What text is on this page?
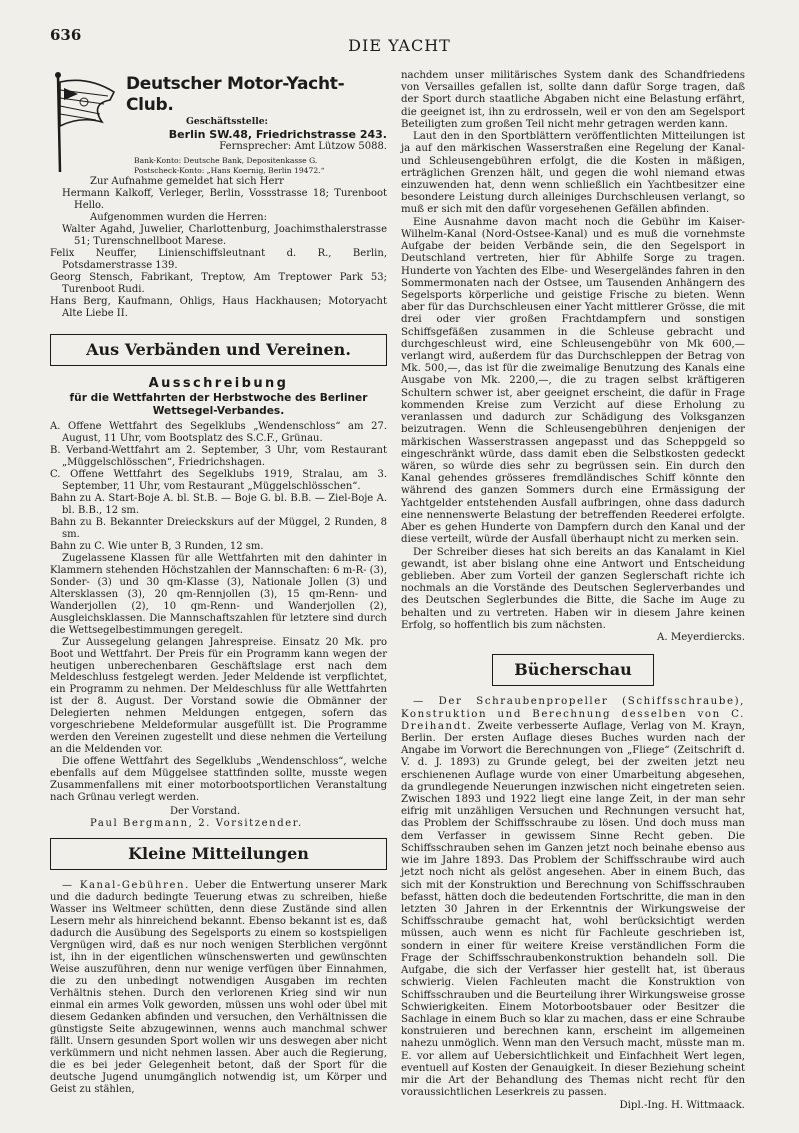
636
DIE YACHT
Deutscher Motor-Yacht-Club.
Geschäftsstelle:
Berlin SW.48, Friedrichstrasse 243.
Fernsprecher: Amt Lützow 5088.
Bank-Konto: Deutsche Bank, Depositenkasse G.
Postscheck-Konto: „Hans Koernig, Berlin 19472.“

Zur Aufnahme gemeldet hat sich Herr

Hermann Kalkoff, Verleger, Berlin, Vossstrasse 18; Turenboot Hello.

Aufgenommen wurden die Herren:

Walter Agahd, Juwelier, Charlottenburg, Joachimsthalerstrasse 51; Turenschnellboot Marese.

Felix Neuffer, Linienschiffsleutnant d. R., Berlin, Potsdamerstrasse 139.

Georg Stensch, Fabrikant, Treptow, Am Treptower Park 53; Turenboot Rudi.

Hans Berg, Kaufmann, Ohligs, Haus Hackhausen; Motoryacht Alte Liebe II.

Aus Verbänden und Vereinen.
Ausschreibung
für die Wettfahrten der Herbstwoche des Berliner Wettsegel-Verbandes.

A. Offene Wettfahrt des Segelklubs „Wendenschloss“ am 27. August, 11 Uhr, vom Bootsplatz des S.C.F., Grünau.

B. Verband-Wettfahrt am 2. September, 3 Uhr, vom Restaurant „Müggelschlösschen“, Friedrichshagen.

C. Offene Wettfahrt des Segelklubs 1919, Stralau, am 3. September, 11 Uhr, vom Restaurant „Müggelschlösschen“.

Bahn zu A. Start-Boje A. bl. St.B. — Boje G. bl. B.B. — Ziel-Boje A. bl. B.B., 12 sm.

Bahn zu B. Bekannter Dreieckskurs auf der Müggel, 2 Runden, 8 sm.

Bahn zu C. Wie unter B, 3 Runden, 12 sm.

Zugelassene Klassen für alle Wettfahrten mit den dahinter in Klammern stehenden Höchstzahlen der Mannschaften: 6 m-R- (3), Sonder- (3) und 30 qm-Klasse (3), Nationale Jollen (3) und Altersklassen (3), 20 qm-Rennjollen (3), 15 qm-Renn- und Wanderjollen (2), 10 qm-Renn- und Wanderjollen (2), Ausgleichsklassen. Die Mannschaftszahlen für letztere sind durch die Wettsegelbestimmungen geregelt.

Zur Aussegelung gelangen Jahrespreise. Einsatz 20 Mk. pro Boot und Wettfahrt. Der Preis für ein Programm kann wegen der heutigen unberechenbaren Geschäftslage erst nach dem Meldeschluss festgelegt werden. Jeder Meldende ist verpflichtet, ein Programm zu nehmen. Der Meldeschluss für alle Wettfahrten ist der 8. August. Der Vorstand sowie die Obmänner der Delegierten nehmen Meldungen entgegen, sofern das vorgeschriebene Meldeformular ausgefüllt ist. Die Programme werden den Vereinen zugestellt und diese nehmen die Verteilung an die Meldenden vor.

Die offene Wettfahrt des Segelklubs „Wendenschloss“, welche ebenfalls auf dem Müggelsee stattfinden sollte, musste wegen Zusammenfallens mit einer motorbootsportlichen Veranstaltung nach Grünau verlegt werden.

Der Vorstand.

Paul Bergmann, 2. Vorsitzender.

Kleine Mitteilungen

— Kanal-Gebühren. Ueber die Entwertung unserer Mark und die dadurch bedingte Teuerung etwas zu schreiben, hieße Wasser ins Weltmeer schütten, denn diese Zustände sind allen Lesern mehr als hinreichend bekannt. Ebenso bekannt ist es, daß dadurch die Ausübung des Segelsports zu einem so kostspieligen Vergnügen wird, daß es nur noch wenigen Sterblichen vergönnt ist, ihn in der eigentlichen wünschenswerten und gewünschten Weise auszuführen, denn nur wenige verfügen über Einnahmen, die zu den unbedingt notwendigen Ausgaben im rechten Verhältnis stehen. Durch den verlorenen Krieg sind wir nun einmal ein armes Volk geworden, müssen uns wohl oder übel mit diesem Gedanken abfinden und versuchen, den Verhältnissen die günstigste Seite abzugewinnen, wenns auch manchmal schwer fällt. Unsern gesunden Sport wollen wir uns deswegen aber nicht verkümmern und nicht nehmen lassen. Aber auch die Regierung, die es bei jeder Gelegenheit betont, daß der Sport für die deutsche Jugend unumgänglich notwendig ist, um Körper und Geist zu stählen,

nachdem unser militärisches System dank des Schandfriedens von Versailles gefallen ist, sollte dann dafür Sorge tragen, daß der Sport durch staatliche Abgaben nicht eine Belastung erfährt, die geeignet ist, ihn zu erdrosseln, weil er von den am Segelsport Beteiligten zum großen Teil nicht mehr getragen werden kann.

Laut den in den Sportblättern veröffentlichten Mitteilungen ist ja auf den märkischen Wasserstraßen eine Regelung der Kanal- und Schleusengebühren erfolgt, die die Kosten in mäßigen, erträglichen Grenzen hält, und gegen die wohl niemand etwas einzuwenden hat, denn wenn schließlich ein Yachtbesitzer eine besondere Leistung durch alleiniges Durchschleusen verlangt, so muß er sich mit den dafür vorgesehenen Gefällen abfinden.

Eine Ausnahme davon macht noch die Gebühr im Kaiser-Wilhelm-Kanal (Nord-Ostsee-Kanal) und es muß die vornehmste Aufgabe der beiden Verbände sein, die den Segelsport in Deutschland vertreten, hier für Abhilfe Sorge zu tragen. Hunderte von Yachten des Elbe- und Wesergeländes fahren in den Sommermonaten nach der Ostsee, um Tausenden Anhängern des Segelsports körperliche und geistige Frische zu bieten. Wenn aber für das Durchschleusen einer Yacht mittlerer Grösse, die mit drei oder vier großen Frachtdampfern und sonstigen Schiffsgefäßen zusammen in die Schleuse gebracht und durchgeschleust wird, eine Schleusengebühr von Mk 600,— verlangt wird, außerdem für das Durchschleppen der Betrag von Mk. 500,—, das ist für die zweimalige Benutzung des Kanals eine Ausgabe von Mk. 2200,—, die zu tragen selbst kräftigeren Schultern schwer ist, aber geeignet erscheint, die dafür in Frage kommenden Kreise zum Verzicht auf diese Erholung zu veranlassen und dadurch zur Schädigung des Volksganzen beizutragen. Wenn die Schleusengebühren denjenigen der märkischen Wasserstrassen angepasst und das Scheppgeld so eingeschränkt würde, dass damit eben die Selbstkosten gedeckt wären, so würde dies sehr zu begrüssen sein. Ein durch den Kanal gehendes grösseres fremdländisches Schiff könnte den während des ganzen Sommers durch eine Ermässigung der Yachtgelder entstehenden Ausfall aufbringen, ohne dass dadurch eine nennenswerte Belastung der betreffenden Reederei erfolgte. Aber es gehen Hunderte von Dampfern durch den Kanal und der diese verteilt, würde der Ausfall überhaupt nicht zu merken sein.

Der Schreiber dieses hat sich bereits an das Kanalamt in Kiel gewandt, ist aber bislang ohne eine Antwort und Entscheidung geblieben. Aber zum Vorteil der ganzen Seglerschaft richte ich nochmals an die Vorstände des Deutschen Seglerverbandes und des Deutschen Seglerbundes die Bitte, die Sache im Auge zu behalten und zu vertreten. Haben wir in diesem Jahre keinen Erfolg, so hoffentlich bis zum nächsten.

A. Meyerdiercks.

Bücherschau

— Der Schraubenpropeller (Schiffsschraube), Konstruktion und Berechnung desselben von C. Dreihandt. Zweite verbesserte Auflage, Verlag von M. Krayn, Berlin. Der ersten Auflage dieses Buches wurden nach der Angabe im Vorwort die Berechnungen von „Fliege“ (Zeitschrift d. V. d. J. 1893) zu Grunde gelegt, bei der zweiten jetzt neu erschienenen Auflage wurde von einer Umarbeitung abgesehen, da grundlegende Neuerungen inzwischen nicht eingetreten seien. Zwischen 1893 und 1922 liegt eine lange Zeit, in der man sehr eifrig mit unzähligen Versuchen und Rechnungen versucht hat, das Problem der Schiffsschraube zu lösen. Und doch muss man dem Verfasser in gewissem Sinne Recht geben. Die Schiffsschrauben sehen im Ganzen jetzt noch beinahe ebenso aus wie im Jahre 1893. Das Problem der Schiffsschraube wird auch jetzt noch nicht als gelöst angesehen. Aber in einem Buch, das sich mit der Konstruktion und Berechnung von Schiffsschrauben befasst, hätten doch die bedeutenden Fortschritte, die man in den letzten 30 Jahren in der Erkenntnis der Wirkungsweise der Schiffsschraube gemacht hat, wohl berücksichtigt werden müssen, auch wenn es nicht für Fachleute geschrieben ist, sondern in einer für weitere Kreise verständlichen Form die Frage der Schiffsschraubenkonstruktion behandeln soll. Die Aufgabe, die sich der Verfasser hier gestellt hat, ist überaus schwierig. Vielen Fachleuten macht die Konstruktion von Schiffsschrauben und die Beurteilung ihrer Wirkungsweise grosse Schwierigkeiten. Einem Motorbootsbauer oder Besitzer die Sachlage in einem Buch so klar zu machen, dass er eine Schraube konstruieren und berechnen kann, erscheint im allgemeinen nahezu unmöglich. Wenn man den Versuch macht, müsste man m. E. vor allem auf Uebersichtlichkeit und Einfachheit Wert legen, eventuell auf Kosten der Genauigkeit. In dieser Beziehung scheint mir die Art der Behandlung des Themas nicht recht für den voraussichtlichen Leserkreis zu passen.

Dipl.-Ing. H. Wittmaack.
